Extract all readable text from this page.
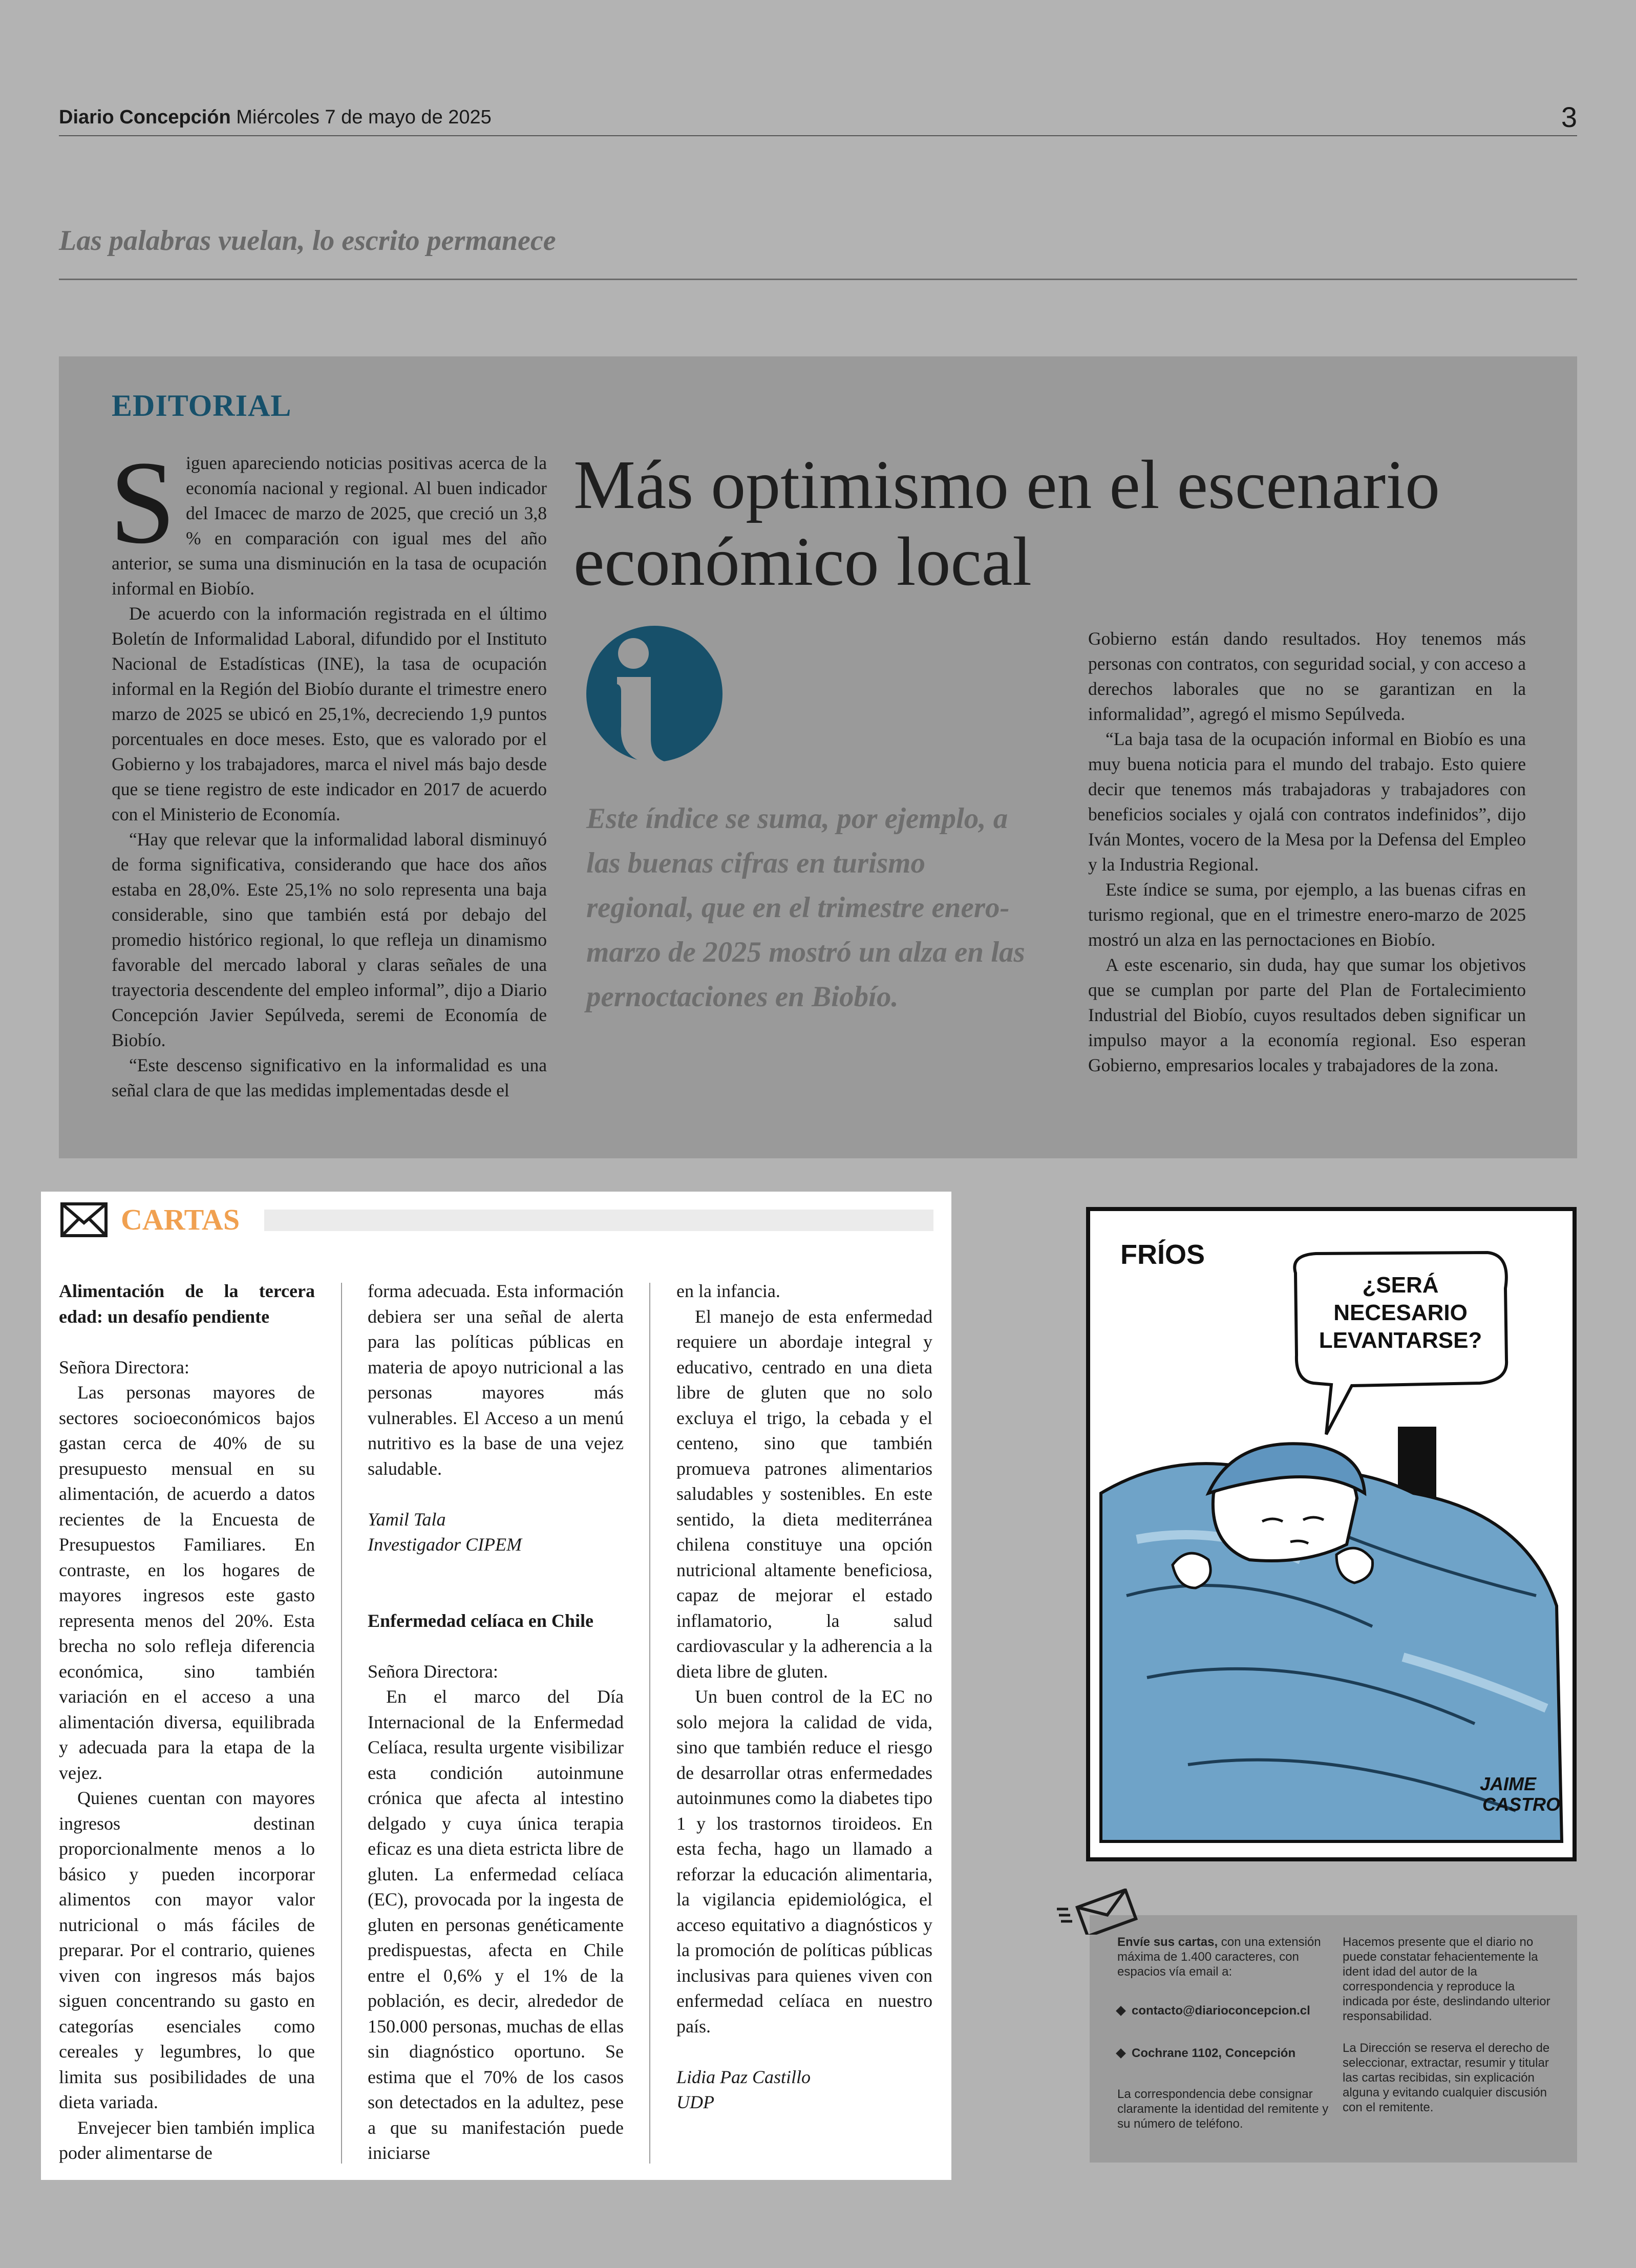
Diario Concepción Miércoles 7 de mayo de 2025	3
Las palabras vuelan, lo escrito permanece
EDITORIAL

Siguen apareciendo noticias positivas acerca de la economía nacional y regional. Al buen indicador del Imacec de marzo de 2025, que creció un 3,8 % en comparación con igual mes del año anterior, se suma una disminución en la tasa de ocupación informal en Biobío.

De acuerdo con la información registrada en el último Boletín de Informalidad Laboral, difundido por el Instituto Nacional de Estadísticas (INE), la tasa de ocupación informal en la Región del Biobío durante el trimestre enero marzo de 2025 se ubicó en 25,1%, decreciendo 1,9 puntos porcentuales en doce meses. Esto, que es valorado por el Gobierno y los trabajadores, marca el nivel más bajo desde que se tiene registro de este indicador en 2017 de acuerdo con el Ministerio de Economía.

“Hay que relevar que la informalidad laboral disminuyó de forma significativa, considerando que hace dos años estaba en 28,0%. Este 25,1% no solo representa una baja considerable, sino que también está por debajo del promedio histórico regional, lo que refleja un dinamismo favorable del mercado laboral y claras señales de una trayectoria descendente del empleo informal”, dijo a Diario Concepción Javier Sepúlveda, seremi de Economía de Biobío.

“Este descenso significativo en la informalidad es una señal clara de que las medidas implementadas desde el

Más optimismo en el escenario económico local
Este índice se suma, por ejemplo, a las buenas cifras en turismo regional, que en el trimestre enero-marzo de 2025 mostró un alza en las pernoctaciones en Biobío.

Gobierno están dando resultados. Hoy tenemos más personas con contratos, con seguridad social, y con acceso a derechos laborales que no se garantizan en la informalidad”, agregó el mismo Sepúlveda.

“La baja tasa de la ocupación informal en Biobío es una muy buena noticia para el mundo del trabajo. Esto quiere decir que tenemos más trabajadoras y trabajadores con beneficios sociales y ojalá con contratos indefinidos”, dijo Iván Montes, vocero de la Mesa por la Defensa del Empleo y la Industria Regional.

Este índice se suma, por ejemplo, a las buenas cifras en turismo regional, que en el trimestre enero-marzo de 2025 mostró un alza en las pernoctaciones en Biobío.

A este escenario, sin duda, hay que sumar los objetivos que se cumplan por parte del Plan de Fortalecimiento Industrial del Biobío, cuyos resultados deben significar un impulso mayor a la economía regional. Eso esperan Gobierno, empresarios locales y trabajadores de la zona.

CARTAS

Alimentación de la tercera edad: un desafío pendiente

Señora Directora:

Las personas mayores de sectores socioeconómicos bajos gastan cerca de 40% de su presupuesto mensual en su alimentación, de acuerdo a datos recientes de la Encuesta de Presupuestos Familiares. En contraste, en los hogares de mayores ingresos este gasto representa menos del 20%. Esta brecha no solo refleja diferencia económica, sino también variación en el acceso a una alimentación diversa, equilibrada y adecuada para la etapa de la vejez.

Quienes cuentan con mayores ingresos destinan proporcionalmente menos a lo básico y pueden incorporar alimentos con mayor valor nutricional o más fáciles de preparar. Por el contrario, quienes viven con ingresos más bajos siguen concentrando su gasto en categorías esenciales como cereales y legumbres, lo que limita sus posibilidades de una dieta variada.

Envejecer bien también implica poder alimentarse de

forma adecuada. Esta información debiera ser una señal de alerta para las políticas públicas en materia de apoyo nutricional a las personas mayores más vulnerables. El Acceso a un menú nutritivo es la base de una vejez saludable.

Yamil Tala

Investigador CIPEM

Enfermedad celíaca en Chile

Señora Directora:

En el marco del Día Internacional de la Enfermedad Celíaca, resulta urgente visibilizar esta condición autoinmune crónica que afecta al intestino delgado y cuya única terapia eficaz es una dieta estricta libre de gluten. La enfermedad celíaca (EC), provocada por la ingesta de gluten en personas genéticamente predispuestas, afecta en Chile entre el 0,6% y el 1% de la población, es decir, alrededor de 150.000 personas, muchas de ellas sin diagnóstico oportuno. Se estima que el 70% de los casos son detectados en la adultez, pese a que su manifestación puede iniciarse

en la infancia.

El manejo de esta enfermedad requiere un abordaje integral y educativo, centrado en una dieta libre de gluten que no solo excluya el trigo, la cebada y el centeno, sino que también promueva patrones alimentarios saludables y sostenibles. En este sentido, la dieta mediterránea chilena constituye una opción nutricional altamente beneficiosa, capaz de mejorar el estado inflamatorio, la salud cardiovascular y la adherencia a la dieta libre de gluten.

Un buen control de la EC no solo mejora la calidad de vida, sino que también reduce el riesgo de desarrollar otras enfermedades autoinmunes como la diabetes tipo 1 y los trastornos tiroideos. En esta fecha, hago un llamado a reforzar la educación alimentaria, la vigilancia epidemiológica, el acceso equitativo a diagnósticos y la promoción de políticas públicas inclusivas para quienes viven con enfermedad celíaca en nuestro país.

Lidia Paz Castillo

UDP

FRÍOS
¿SERÁ
NECESARIO
LEVANTARSE?
JAIME
CASTRO
Envíe sus cartas, con una extensión máxima de 1.400 caracteres, con espacios vía email a:
contacto@diarioconcepcion.cl
Cochrane 1102, Concepción
La correspondencia debe consignar claramente la identidad del remitente y su número de teléfono.
Hacemos presente que el diario no puede constatar fehacientemente la ident idad del autor de la correspondencia y reproduce la indicada por éste, deslindando ulterior responsabilidad.
La Dirección se reserva el derecho de seleccionar, extractar, resumir y titular las cartas recibidas, sin explicación alguna y evitando cualquier discusión con el remitente.
